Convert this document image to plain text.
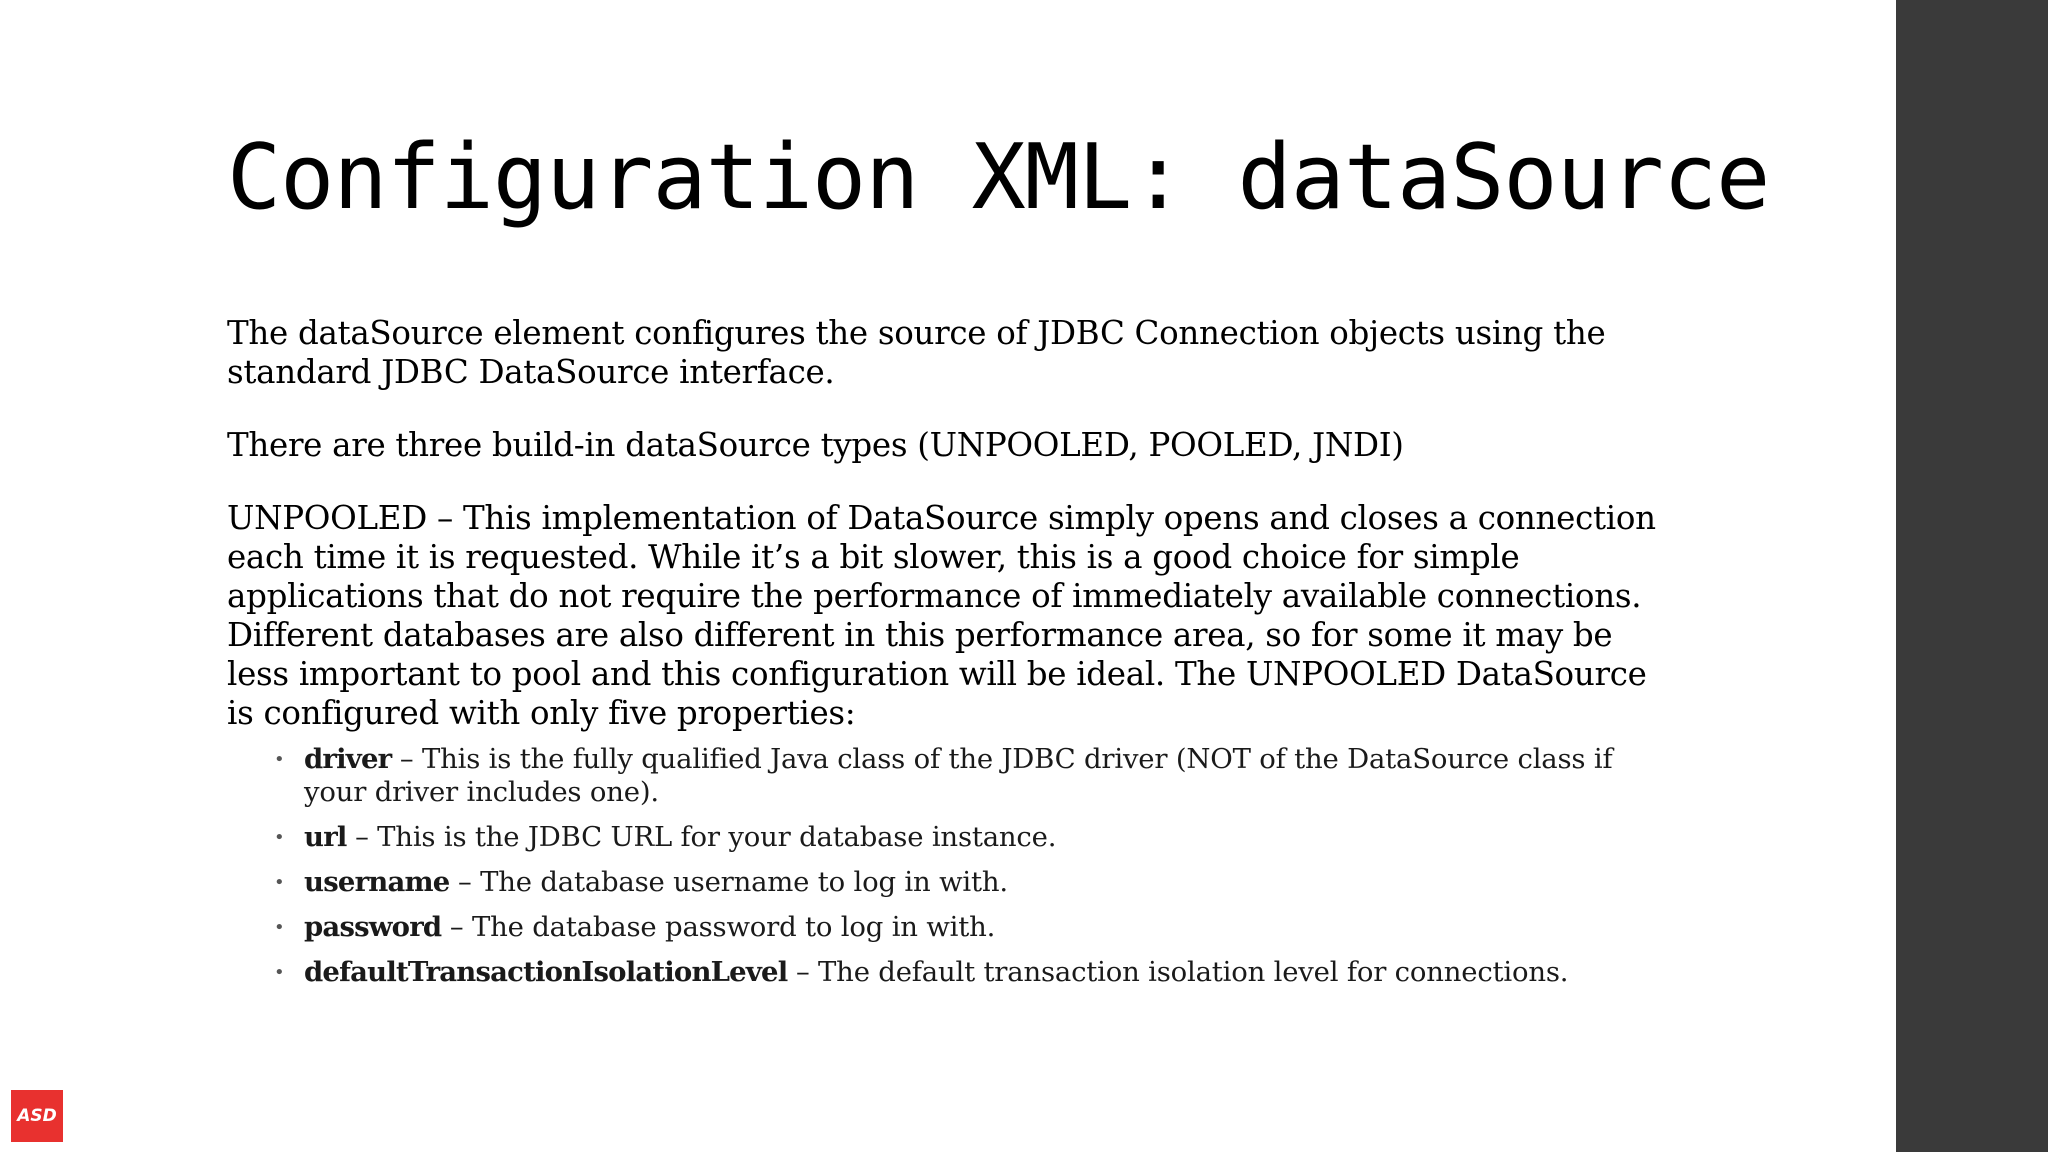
Configuration XML: dataSource

The dataSource element configures the source of JDBC Connection objects using the standard JDBC DataSource interface.

There are three build-in dataSource types (UNPOOLED, POOLED, JNDI)

UNPOOLED – This implementation of DataSource simply opens and closes a connection each time it is requested. While it’s a bit slower, this is a good choice for simple applications that do not require the performance of immediately available connections. Different databases are also different in this performance area, so for some it may be less important to pool and this configuration will be ideal. The UNPOOLED DataSource is configured with only five properties:

• driver – This is the fully qualified Java class of the JDBC driver (NOT of the DataSource class if your driver includes one).
• url – This is the JDBC URL for your database instance.
• username – The database username to log in with.
• password – The database password to log in with.
• defaultTransactionIsolationLevel – The default transaction isolation level for connections.
ASD
